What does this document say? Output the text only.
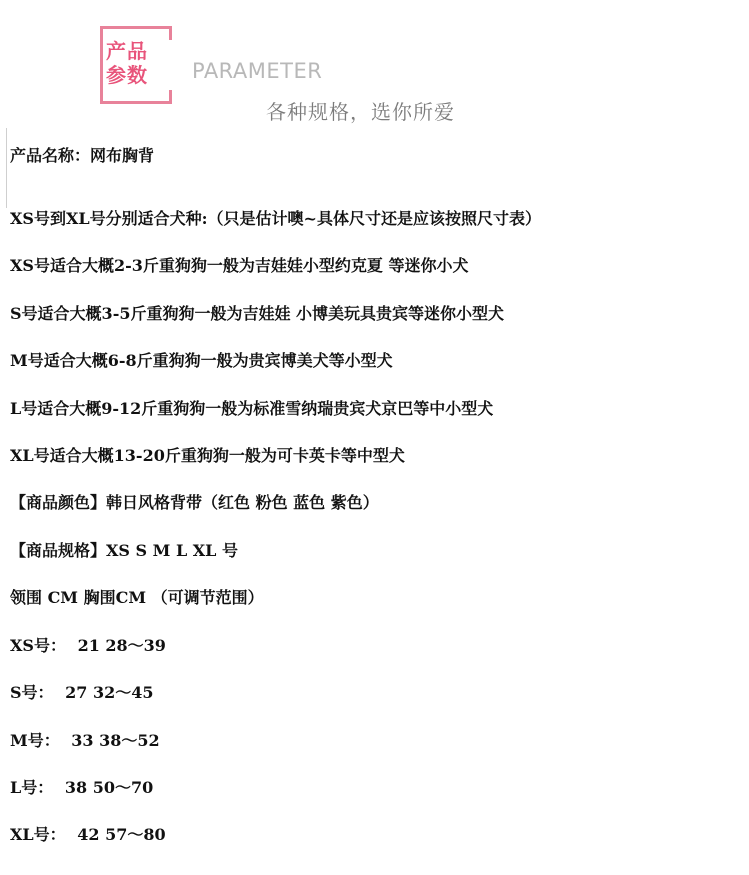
产品
参数	PARAMETER
各种规格，选你所爱
产品名称：网布胸背
XS号到XL号分别适合犬种:（只是估计噢~具体尺寸还是应该按照尺寸表）
XS号适合大概2-3斤重狗狗一般为吉娃娃小型约克夏 等迷你小犬
S号适合大概3-5斤重狗狗一般为吉娃娃 小博美玩具贵宾等迷你小型犬
M号适合大概6-8斤重狗狗一般为贵宾博美犬等小型犬
L号适合大概9-12斤重狗狗一般为标准雪纳瑞贵宾犬京巴等中小型犬
XL号适合大概13-20斤重狗狗一般为可卡英卡等中型犬
【商品颜色】韩日风格背带（红色 粉色 蓝色 紫色）
【商品规格】XS S M L XL 号
领围 CM 胸围CM （可调节范围）
XS号： 21 28～39
S号： 27 32～45
M号： 33 38～52
L号： 38 50～70
XL号： 42 57～80
